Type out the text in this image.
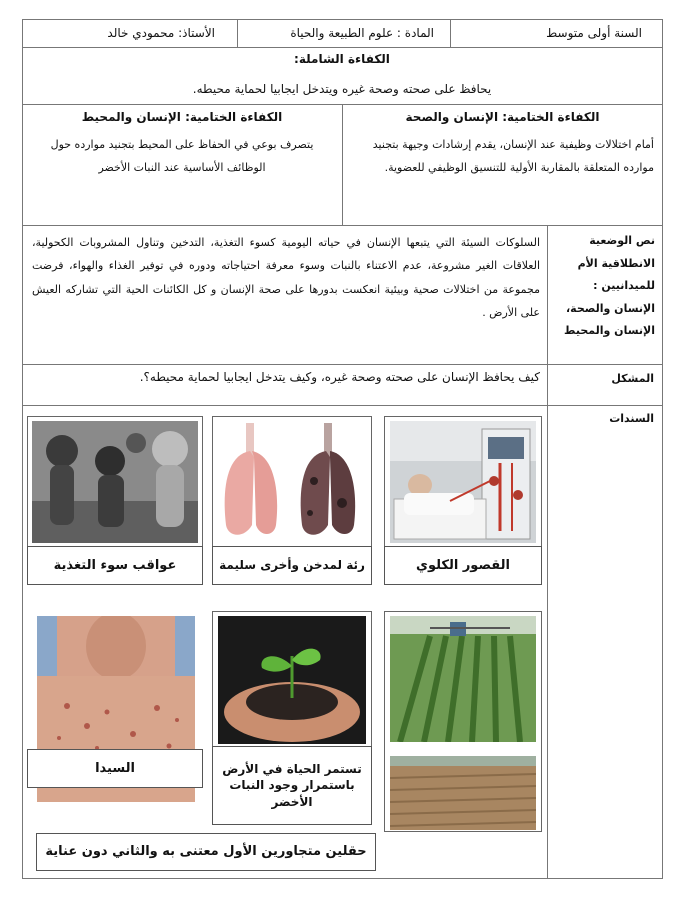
السنة أولى متوسط
المادة : علوم الطبيعة والحياة
الأستاذ: محمودي خالد
الكفاءة الشاملة:
يحافظ على صحته وصحة غيره ويتدخل ايجابيا لحماية محيطه.
الكفاءة الختامية: الإنسان والصحة
أمام اختلالات وظيفية عند الإنسان، يقدم إرشادات وجيهة بتجنيد موارده المتعلقة بالمقاربة الأولية للتنسيق الوظيفي للعضوية.
الكفاءة الختامية: الإنسان والمحيط
يتصرف بوعي في الحفاظ على المحيط بتجنيد موارده حول الوظائف الأساسية عند النبات الأخضر
نص الوضعية الانطلاقية الأم للميدانيين : الإنسان والصحة، الإنسان والمحيط
السلوكات السيئة التي يتبعها الإنسان في حياته اليومية كسوء التغذية، التدخين وتناول المشروبات الكحولية، العلاقات الغير مشروعة، عدم الاعتناء بالنبات وسوء معرفة احتياجاته ودوره في توفير الغذاء والهواء، فرضت مجموعة من اختلالات صحية وبيئية انعكست بدورها على صحة الإنسان و كل الكائنات الحية التي تشاركه العيش على الأرض .
المشكل
كيف يحافظ الإنسان على صحته وصحة غيره، وكيف يتدخل ايجابيا لحماية محيطه؟.
السندات
القصور الكلوي
رئة لمدخن وأخرى سليمة
عواقب سوء التغذية
تستمر الحياة في الأرض باستمرار وجود النبات الأخضر
السيدا
حقلين متجاورين الأول معتنى به والثاني دون عناية
